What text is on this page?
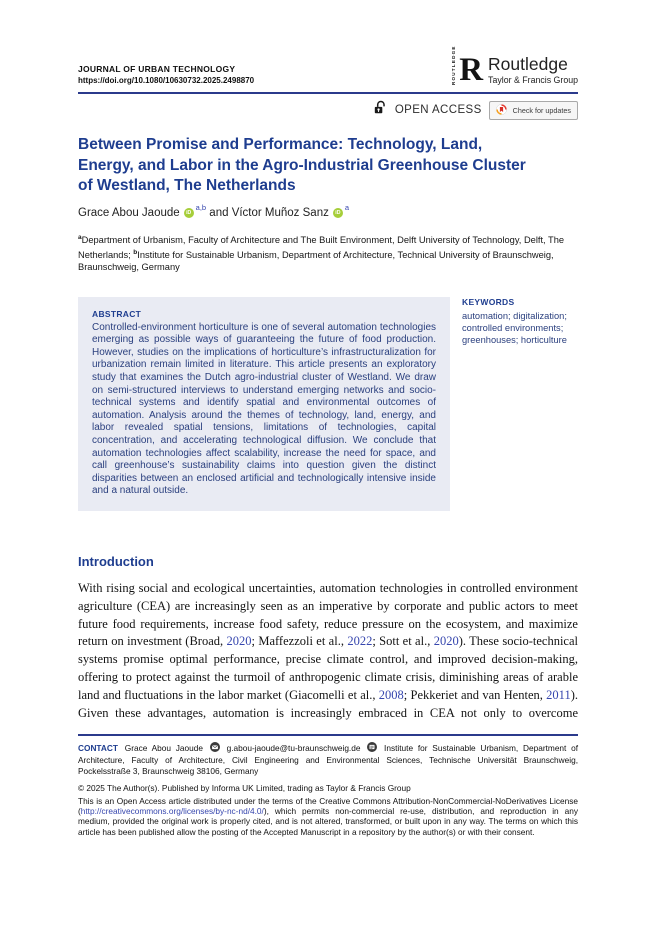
JOURNAL OF URBAN TECHNOLOGY
https://doi.org/10.1080/10630732.2025.2498870	ROUTLEDGE R Routledge
Taylor & Francis Group
OPEN ACCESS	Check for updates
Between Promise and Performance: Technology, Land,
Energy, and Labor in the Agro-Industrial Greenhouse Cluster
of Westland, The Netherlands
Grace Abou Jaoude iD$^{a,b}$ and Víctor Muñoz Sanz $iD^a$

$^a$Department of Urbanism, Faculty of Architecture and The Built Environment, Delft University of Technology, Delft, The Netherlands; $^b$Institute for Sustainable Urbanism, Department of Architecture, Technical University of Braunschweig, Braunschweig, Germany

ABSTRACT
Controlled-environment horticulture is one of several automation technologies emerging as possible ways of guaranteeing the future of food production. However, studies on the implications of horticulture’s infrastructuralization for urbanization remain limited in literature. This article presents an exploratory study that examines the Dutch agro-industrial cluster of Westland. We draw on semi-structured interviews to understand emerging networks and socio-technical systems and identify spatial and environmental outcomes of automation. Analysis around the themes of technology, land, energy, and labor revealed spatial tensions, limitations of technologies, capital concentration, and accelerating technological diffusion. We conclude that automation technologies affect scalability, increase the need for space, and call greenhouse’s sustainability claims into question given the distinct disparities between an enclosed artificial and technologically intensive inside and a natural outside.
KEYWORDS
automation; digitalization; controlled environments; greenhouses; horticulture
Introduction

With rising social and ecological uncertainties, automation technologies in controlled environment agriculture (CEA) are increasingly seen as an imperative by corporate and public actors to meet future food requirements, increase food safety, reduce pressure on the ecosystem, and maximize return on investment (Broad, 2020; Maffezzoli et al., 2022; Sott et al., 2020). These socio-technical systems promise optimal performance, precise climate control, and improved decision-making, offering to protect against the turmoil of anthropogenic climate crisis, diminishing areas of arable land and fluctuations in the labor market (Giacomelli et al., 2008; Pekkeriet and van Henten, 2011). Given these advantages, automation is increasingly embraced in CEA not only to overcome

CONTACT Grace Abou Jaoude	g.abou-jaoude@tu-braunschweig.de	Institute for Sustainable Urbanism, Department of Architecture, Faculty of Architecture, Civil Engineering and Environmental Sciences, Technische Universität Braunschweig, Pockelsstraße 3, Braunschweig 38106, Germany

© 2025 The Author(s). Published by Informa UK Limited, trading as Taylor & Francis Group

This is an Open Access article distributed under the terms of the Creative Commons Attribution-NonCommercial-NoDerivatives License (http://creativecommons.org/licenses/by-nc-nd/4.0/), which permits non-commercial re-use, distribution, and reproduction in any medium, provided the original work is properly cited, and is not altered, transformed, or built upon in any way. The terms on which this article has been published allow the posting of the Accepted Manuscript in a repository by the author(s) or with their consent.
